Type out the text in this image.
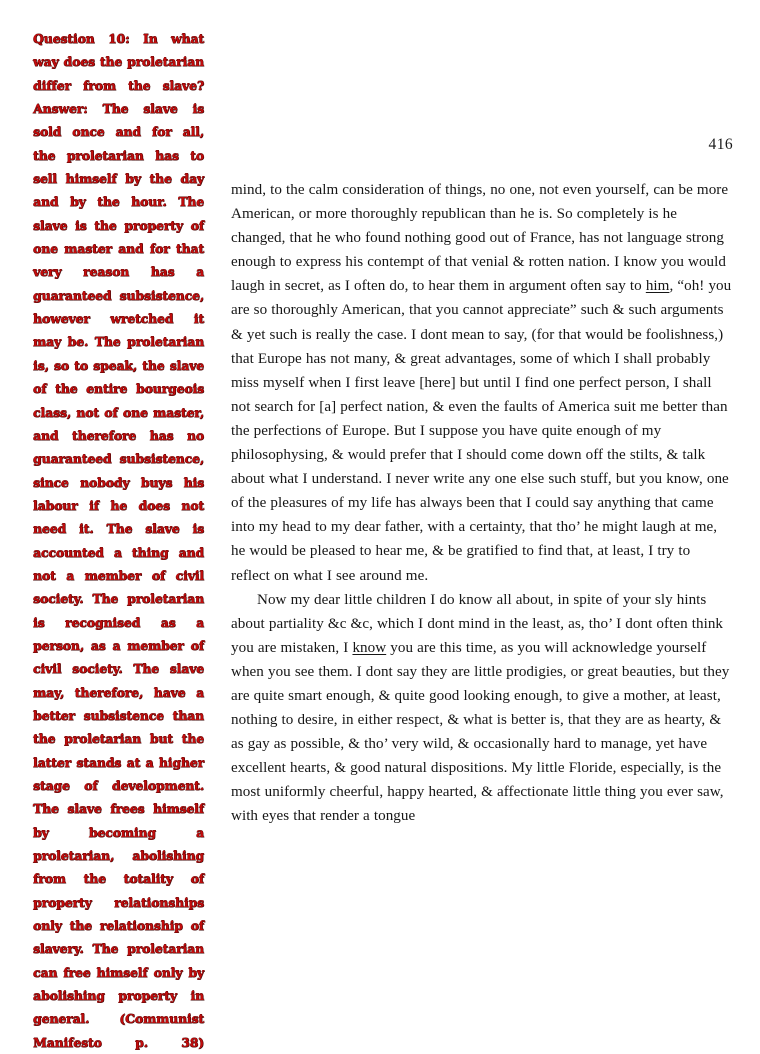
Question 10: In what way does the proletarian differ from the slave? Answer: The slave is sold once and for all, the proletarian has to sell himself by the day and by the hour. The slave is the property of one master and for that very reason has a guaranteed subsistence, however wretched it may be. The proletarian is, so to speak, the slave of the entire bourgeois class, not of one master, and therefore has no guaranteed subsistence, since nobody buys his labour if he does not need it. The slave is accounted a thing and not a member of civil society. The proletarian is recognised as a person, as a member of civil society. The slave may, therefore, have a better subsistence than the proletarian but the latter stands at a higher stage of development. The slave frees himself by becoming a proletarian, abolishing from the totality of property relationships only the relationship of slavery. The proletarian can free himself only by abolishing property in general. (Communist Manifesto p. 38)

416

mind, to the calm consideration of things, no one, not even yourself, can be more American, or more thoroughly republican than he is. So completely is he changed, that he who found nothing good out of France, has not language strong enough to express his contempt of that venial & rotten nation. I know you would laugh in secret, as I often do, to hear them in argument often say to him, “oh! you are so thoroughly American, that you cannot appreciate” such & such arguments & yet such is really the case. I dont mean to say, (for that would be foolishness,) that Europe has not many, & great advantages, some of which I shall probably miss myself when I first leave [here] but until I find one perfect person, I shall not search for [a] perfect nation, & even the faults of America suit me better than the perfections of Europe. But I suppose you have quite enough of my philosophysing, & would prefer that I should come down off the stilts, & talk about what I understand. I never write any one else such stuff, but you know, one of the pleasures of my life has always been that I could say anything that came into my head to my dear father, with a certainty, that tho’ he might laugh at me, he would be pleased to hear me, & be gratified to find that, at least, I try to reflect on what I see around me.

Now my dear little children I do know all about, in spite of your sly hints about partiality &c &c, which I dont mind in the least, as, tho’ I dont often think you are mistaken, I know you are this time, as you will acknowledge yourself when you see them. I dont say they are little prodigies, or great beauties, but they are quite smart enough, & quite good looking enough, to give a mother, at least, nothing to desire, in either respect, & what is better is, that they are as hearty, & as gay as possible, & tho’ very wild, & occasionally hard to manage, yet have excellent hearts, & good natural dispositions. My little Floride, especially, is the most uniformly cheerful, happy hearted, & affectionate little thing you ever saw, with eyes that render a tongue
